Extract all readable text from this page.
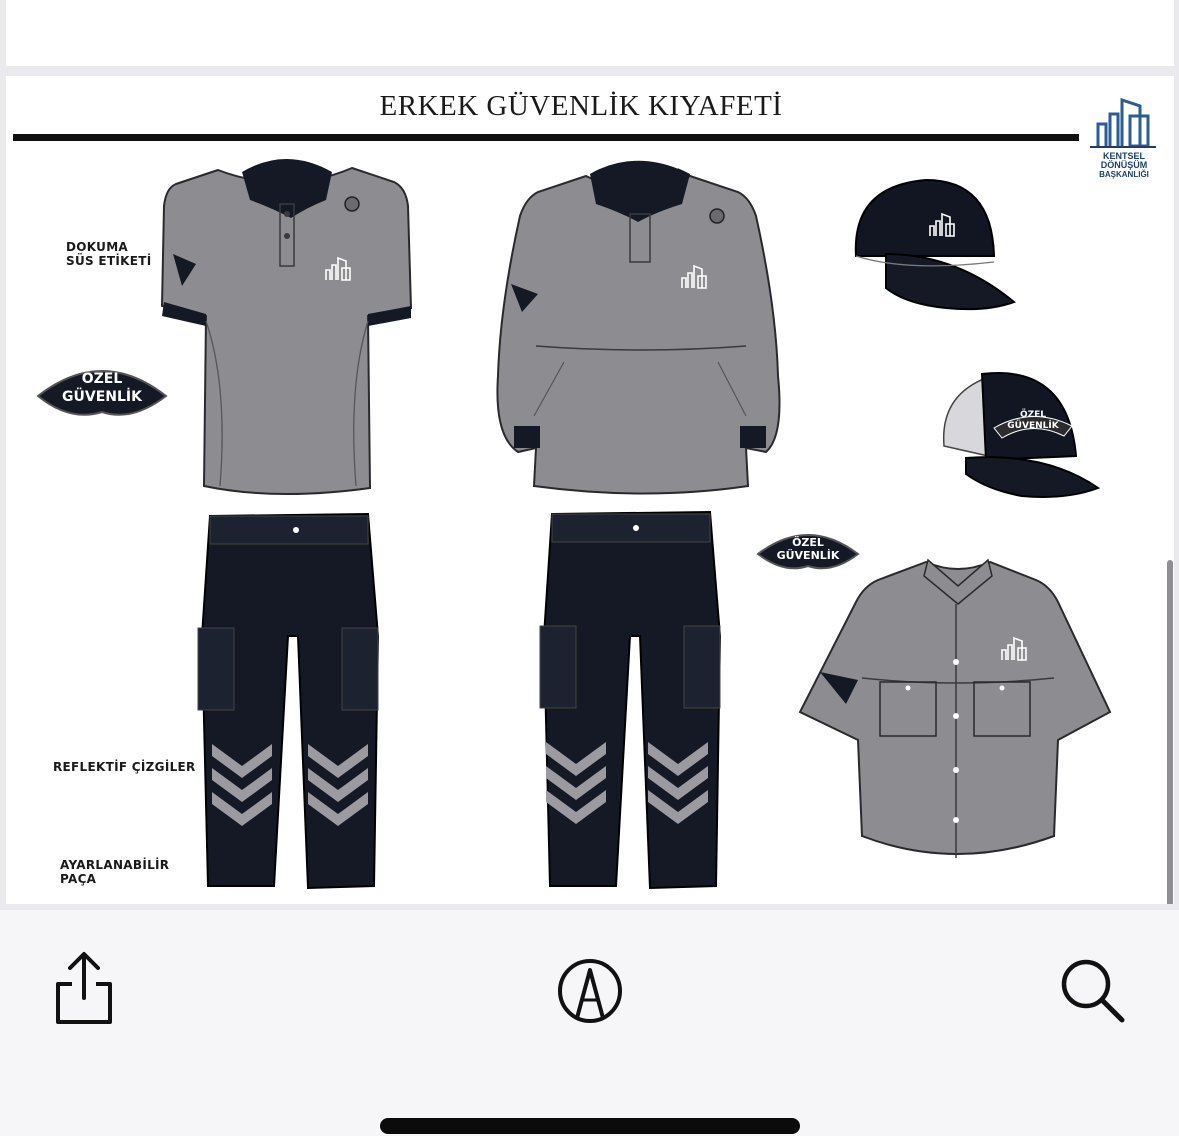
ERKEK GÜVENLİK KIYAFETİ
KENTSEL DÖNÜŞÜM
BAŞKANLIĞI
DOKUMA
SÜS ETİKETİ
REFLEKTİF ÇİZGİLER
AYARLANABİLİR
PAÇA
ÖZEL
GÜVENLİK
ÖZEL
GÜVENLİK
ÖZEL
GÜVENLİK
